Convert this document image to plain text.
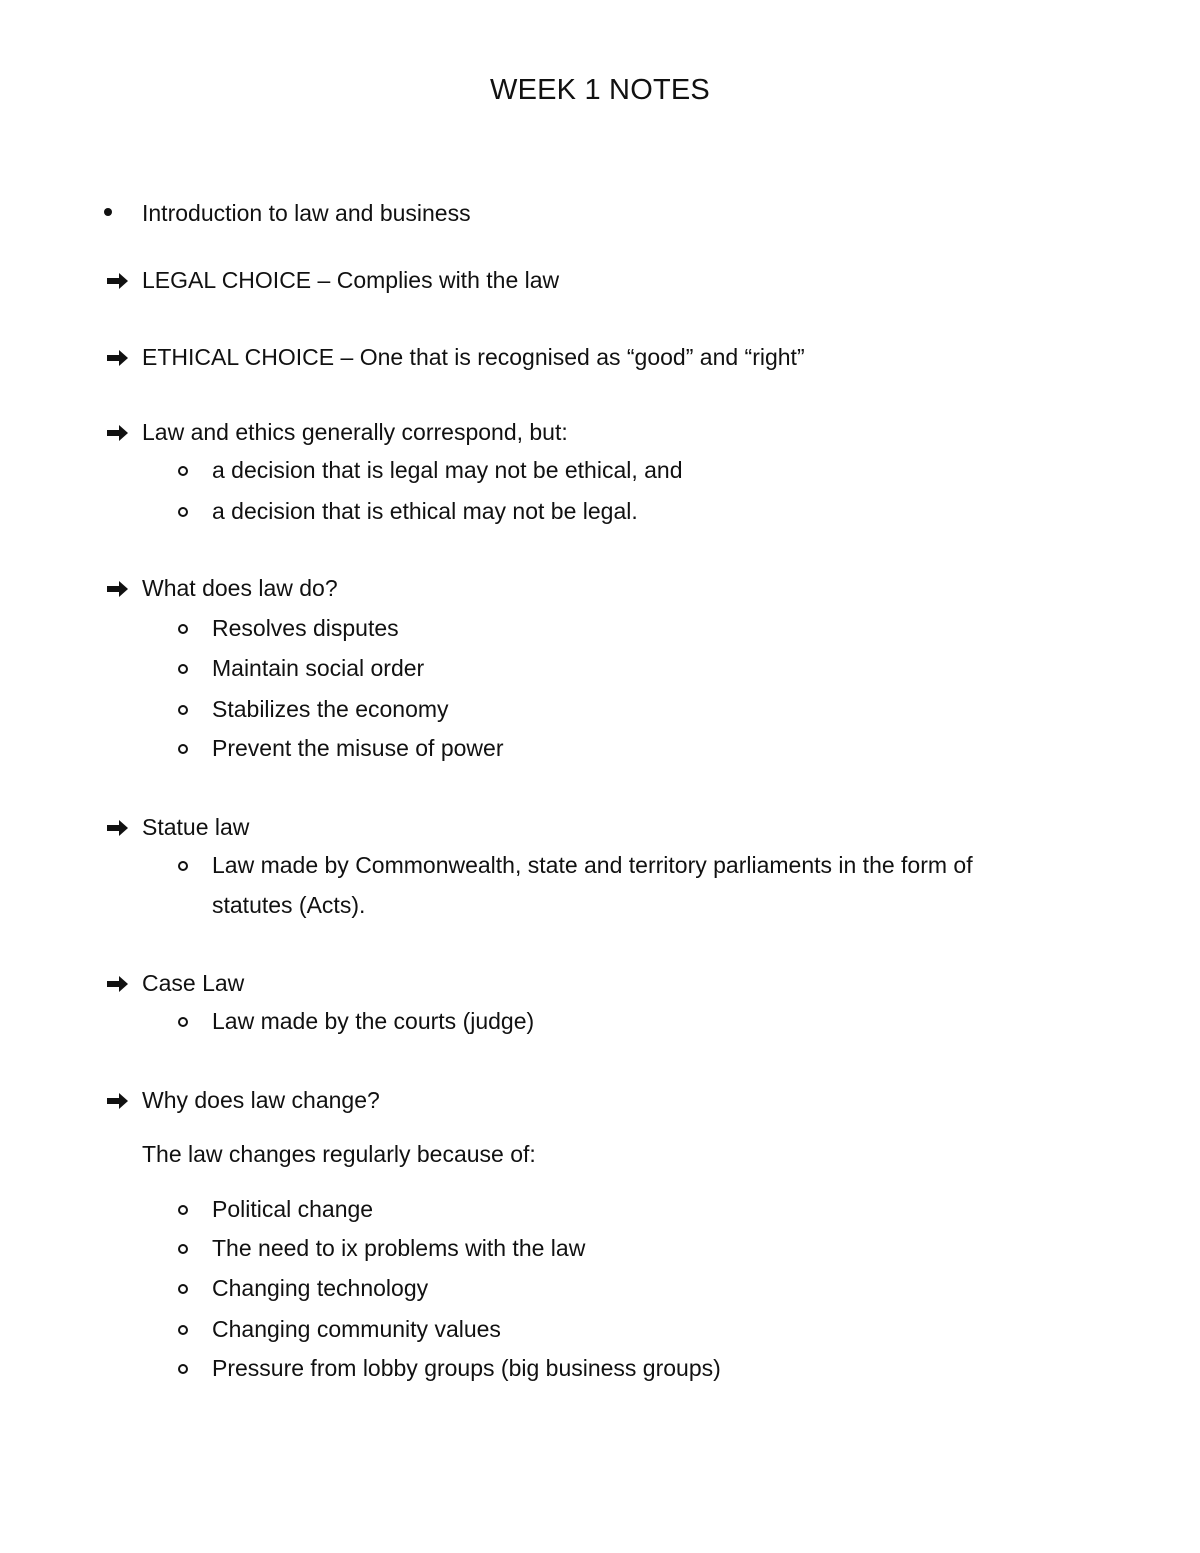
WEEK 1 NOTES
Introduction to law and business
LEGAL CHOICE – Complies with the law
ETHICAL CHOICE – One that is recognised as “good” and “right”
Law and ethics generally correspond, but:
a decision that is legal may not be ethical, and
a decision that is ethical may not be legal.
What does law do?
Resolves disputes
Maintain social order
Stabilizes the economy
Prevent the misuse of power
Statue law
Law made by Commonwealth, state and territory parliaments in the form of
statutes (Acts).
Case Law
Law made by the courts (judge)
Why does law change?
The law changes regularly because of:
Political change
The need to ix problems with the law
Changing technology
Changing community values
Pressure from lobby groups (big business groups)
